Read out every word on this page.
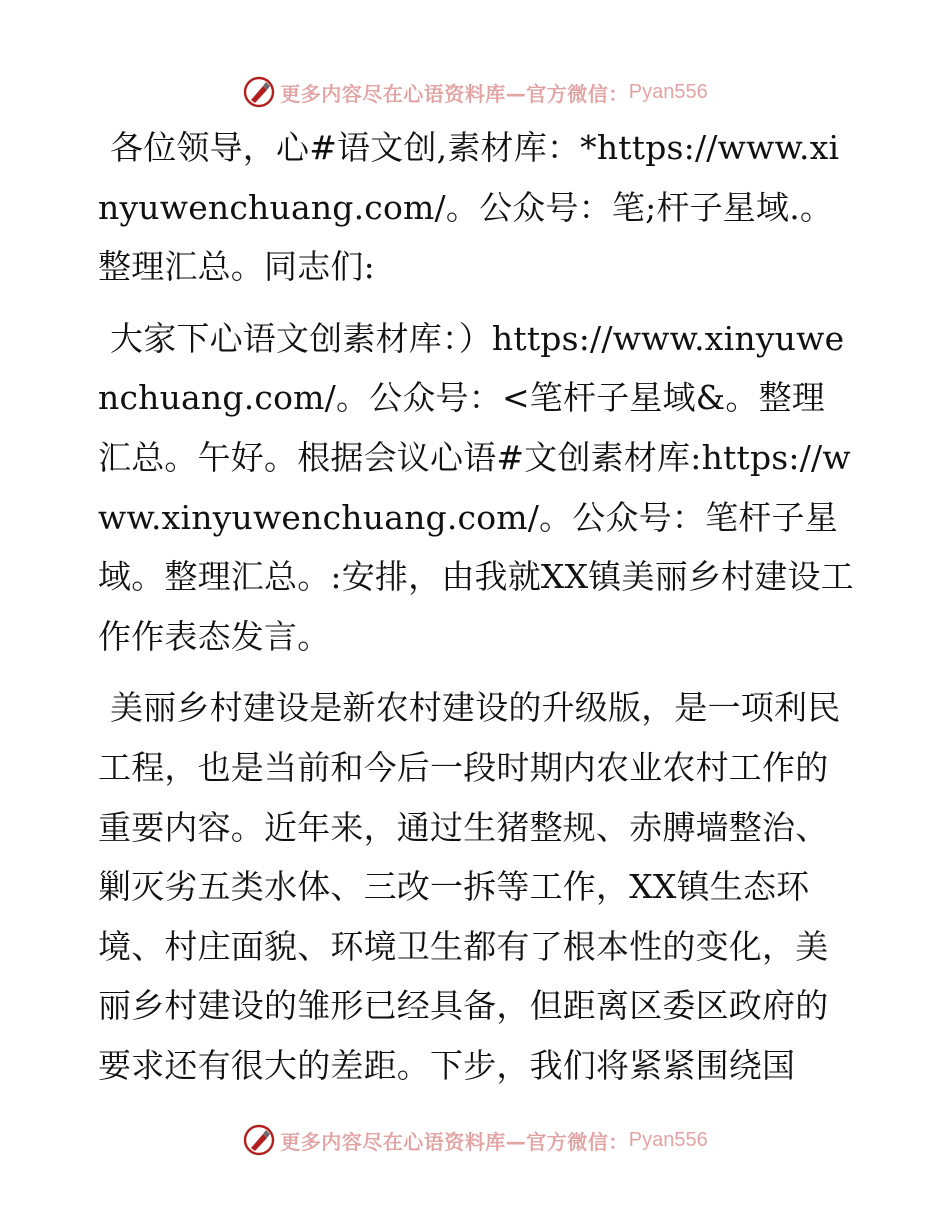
更多内容尽在心语资料库—官方微信： Pyan556

各位领导，心#语文创,素材库：*https://www.xinyuwenchuang.com/。公众号：笔;杆子星域.。整理汇总。同志们:

大家下心语文创素材库：）https://www.xinyuwenchuang.com/。公众号：<笔杆子星域&。整理汇总。午好。根据会议心语#文创素材库:https://www.xinyuwenchuang.com/。公众号：笔杆子星域。整理汇总。:安排，由我就XX镇美丽乡村建设工作作表态发言。

美丽乡村建设是新农村建设的升级版，是一项利民工程，也是当前和今后一段时期内农业农村工作的重要内容。近年来，通过生猪整规、赤膊墙整治、剿灭劣五类水体、三改一拆等工作，XX镇生态环境、村庄面貌、环境卫生都有了根本性的变化，美丽乡村建设的雏形已经具备，但距离区委区政府的要求还有很大的差距。下步，我们将紧紧围绕国

更多内容尽在心语资料库—官方微信： Pyan556
